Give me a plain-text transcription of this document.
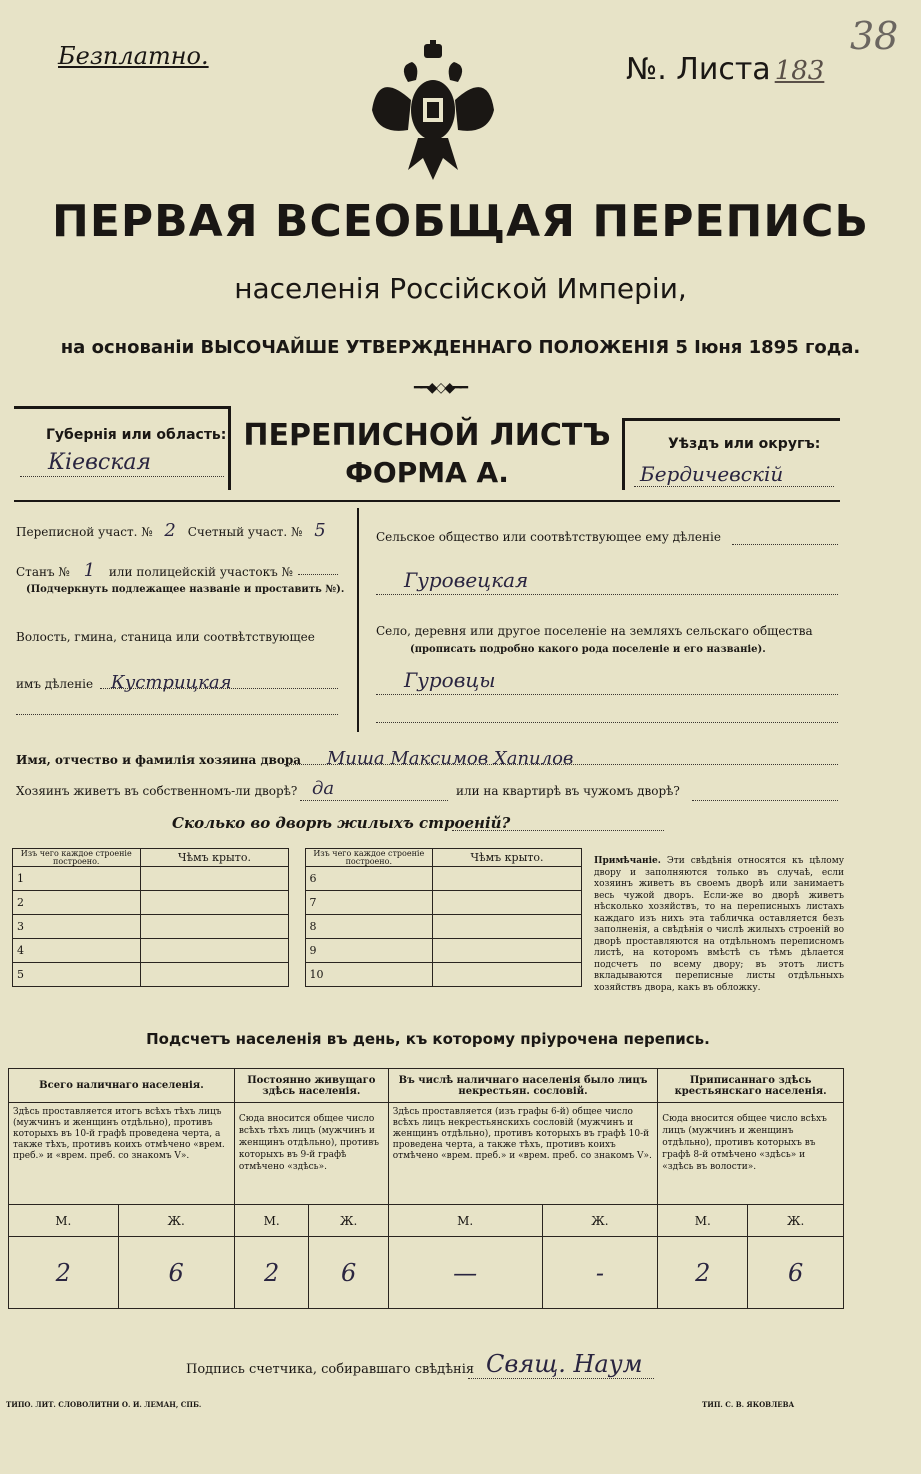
Безплатно.	№. Листа 183
38
ПЕРВАЯ ВСЕОБЩАЯ ПЕРЕПИСЬ
населенія Россійской Имперіи,
на основаніи ВЫСОЧАЙШЕ УТВЕРЖДЕННАГО ПОЛОЖЕНІЯ 5 Іюня 1895 года.
━━◆◇◆━━
Губернія или область:
Кіевская
ПЕРЕПИСНОЙ ЛИСТЪ
ФОРМА А.
Уѣздъ или округъ:
Бердичевскій
Переписной участ. № 2 Счетный участ. № 5
Станъ № 1 или полицейскій участокъ №
(Подчеркнуть подлежащее названіе и проставить №).
Волость, гмина, станица или соотвѣтствующее
имъ дѣленіе Кустрицкая
Сельское общество или соотвѣтствующее ему дѣленіе
Гуровецкая
Село, деревня или другое поселеніе на земляхъ сельскаго общества
(прописать подробно какого рода поселеніе и его названіе).
Гуровцы
Имя, отчество и фамилія хозяина двора Миша Максимов Хапилов
Хозяинъ живетъ въ собственномъ-ли дворѣ? да	или на квартирѣ въ чужомъ дворѣ?
Сколько во дворѣ жилыхъ строеній?
Изъ чего каждое строеніе построено.	Чѣмъ крыто.		Изъ чего каждое строеніе построено.	Чѣмъ крыто.
1			6	
2			7	
3			8	
4			9	
5			10	
Примѣчаніе. Эти свѣдѣнія относятся къ цѣлому двору и заполняются только въ случаѣ, если хозяинъ живетъ въ своемъ дворѣ или занимаетъ весь чужой дворъ. Если-же во дворѣ живетъ нѣсколько хозяйствъ, то на переписныхъ листахъ каждаго изъ нихъ эта табличка оставляется безъ заполненія, а свѣдѣнія о числѣ жилыхъ строеній во дворѣ проставляются на отдѣльномъ переписномъ листѣ, на которомъ вмѣстѣ съ тѣмъ дѣлается подсчетъ по всему двору; въ этотъ листъ вкладываются переписные листы отдѣльныхъ хозяйствъ двора, какъ въ обложку.
Подсчетъ населенія въ день, къ которому пріурочена перепись.
Всего наличнаго населенія.		Постоянно живущаго здѣсь населенія.		Въ числѣ наличнаго населенія было лицъ некрестьян. сословій.		Приписаннаго здѣсь крестьянскаго населенія.	
Здѣсь проставляется итогъ всѣхъ тѣхъ лицъ (мужчинъ и женщинъ отдѣльно), противъ которыхъ въ 10-й графѣ проведена черта, а также тѣхъ, противъ коихъ отмѣчено «врем. преб.» и «врем. преб. со знакомъ V».		Сюда вносится общее число всѣхъ тѣхъ лицъ (мужчинъ и женщинъ отдѣльно), противъ которыхъ въ 9-й графѣ отмѣчено «здѣсь».		Здѣсь проставляется (изъ графы 6-й) общее число всѣхъ лицъ некрестьянскихъ сословій (мужчинъ и женщинъ отдѣльно), противъ которыхъ въ графѣ 10-й проведена черта, а также тѣхъ, противъ коихъ отмѣчено «врем. преб.» и «врем. преб. со знакомъ V».		Сюда вносится общее число всѣхъ лицъ (мужчинъ и женщинъ отдѣльно), противъ которыхъ въ графѣ 8-й отмѣчено «здѣсь» и «здѣсь въ волости».	
М.	Ж.	М.	Ж.	М.	Ж.	М.	Ж.
2	6	2	6	—	-	2	6
Подпись счетчика, собиравшаго свѣдѣнія Свящ. Наум
ТИПО. ЛИТ. СЛОВОЛИТНИ О. И. ЛЕМАН, СПБ.	ТИП. С. В. ЯКОВЛЕВА
